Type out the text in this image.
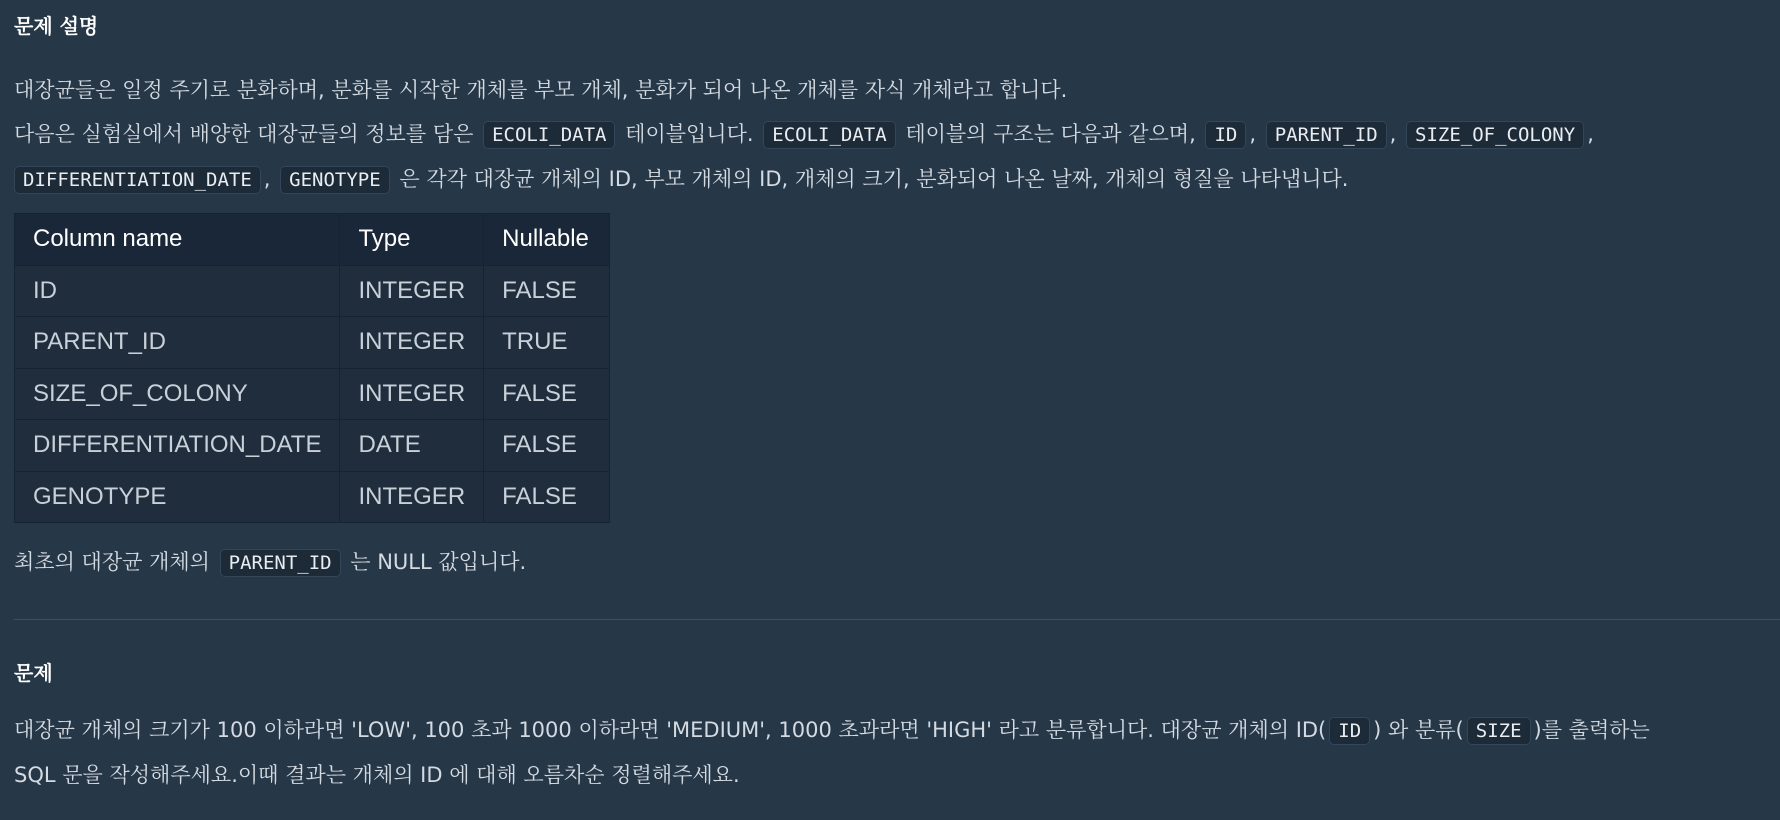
문제 설명
대장균들은 일정 주기로 분화하며, 분화를 시작한 개체를 부모 개체, 분화가 되어 나온 개체를 자식 개체라고 합니다.
다음은 실험실에서 배양한 대장균들의 정보를 담은 ECOLI_DATA 테이블입니다. ECOLI_DATA 테이블의 구조는 다음과 같으며, ID , PARENT_ID , SIZE_OF_COLONY ,
DIFFERENTIATION_DATE , GENOTYPE 은 각각 대장균 개체의 ID, 부모 개체의 ID, 개체의 크기, 분화되어 나온 날짜, 개체의 형질을 나타냅니다.
Column name	Type	Nullable
ID	INTEGER	FALSE
PARENT_ID	INTEGER	TRUE
SIZE_OF_COLONY	INTEGER	FALSE
DIFFERENTIATION_DATE	DATE	FALSE
GENOTYPE	INTEGER	FALSE
최초의 대장균 개체의 PARENT_ID 는 NULL 값입니다.
문제
대장균 개체의 크기가 100 이하라면 'LOW', 100 초과 1000 이하라면 'MEDIUM', 1000 초과라면 'HIGH' 라고 분류합니다. 대장균 개체의 ID( ID ) 와 분류( SIZE )를 출력하는
SQL 문을 작성해주세요.이때 결과는 개체의 ID 에 대해 오름차순 정렬해주세요.
